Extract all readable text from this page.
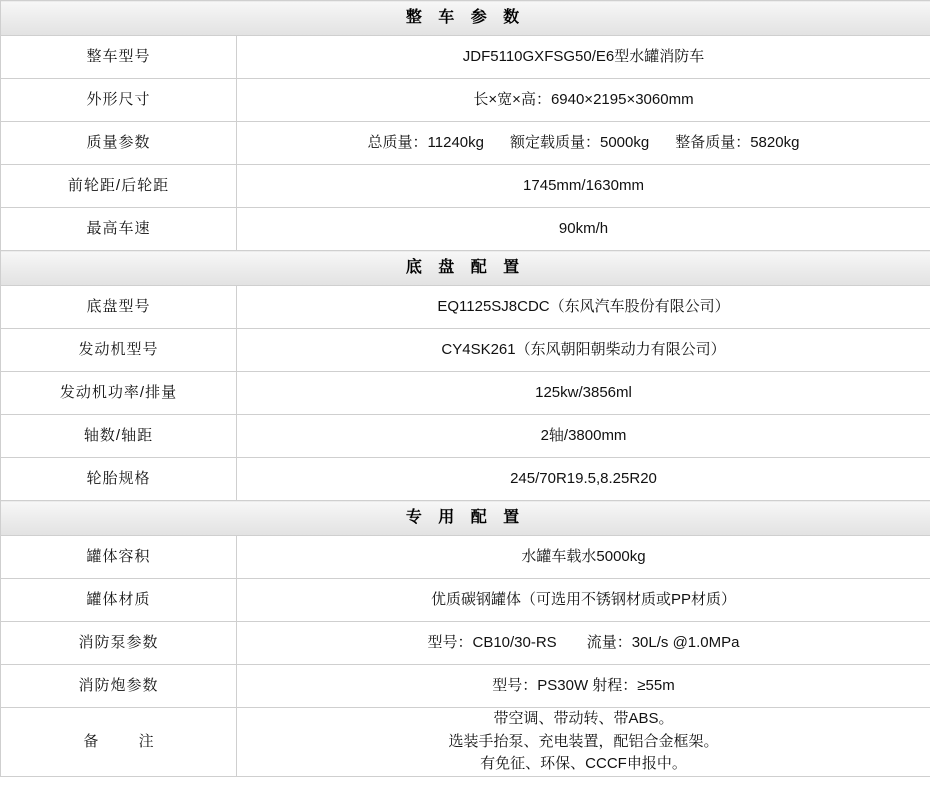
整 车 参 数	
整车型号	JDF5110GXFSG50/E6型水罐消防车
外形尺寸	长×宽×高：6940×2195×3060mm
质量参数	总质量：11240kg 额定载质量：5000kg 整备质量：5820kg

前轮距/后轮距	1745mm/1630mm
最高车速	90km/h
底 盘 配 置	
底盘型号	EQ1125SJ8CDC（东风汽车股份有限公司）
发动机型号	CY4SK261（东风朝阳朝柴动力有限公司）
发动机功率/排量	125kw/3856ml
轴数/轴距	2轴/3800mm
轮胎规格	245/70R19.5,8.25R20
专 用 配 置	
罐体容积	水罐车载水5000kg
罐体材质	优质碳钢罐体（可选用不锈钢材质或PP材质）
消防泵参数	型号：CB10/30-RS 流量：30L/s @1.0MPa

消防炮参数	型号：PS30W 射程：≥55m
备 注	带空调、带动转、带ABS。
选装手抬泵、充电装置，配铝合金框架。
有免征、环保、CCCF申报中。
